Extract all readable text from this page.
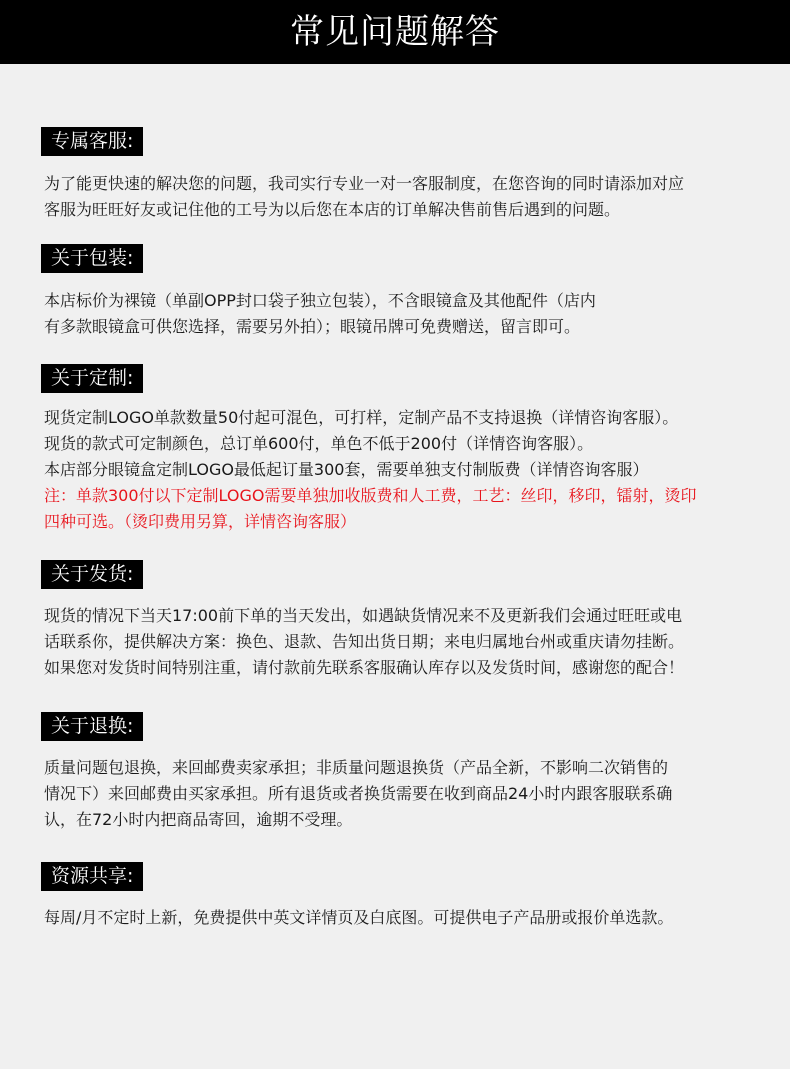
常见问题解答
专属客服:

为了能更快速的解决您的问题，我司实行专业一对一客服制度，在您咨询的同时请添加对应
客服为旺旺好友或记住他的工号为以后您在本店的订单解决售前售后遇到的问题。

关于包装:

本店标价为裸镜（单副OPP封口袋子独立包装），不含眼镜盒及其他配件（店内
有多款眼镜盒可供您选择，需要另外拍）；眼镜吊牌可免费赠送，留言即可。

关于定制:

现货定制LOGO单款数量50付起可混色，可打样，定制产品不支持退换（详情咨询客服）。
现货的款式可定制颜色，总订单600付，单色不低于200付（详情咨询客服）。
本店部分眼镜盒定制LOGO最低起订量300套，需要单独支付制版费（详情咨询客服）
注：单款300付以下定制LOGO需要单独加收版费和人工费，工艺：丝印，移印，镭射，烫印
四种可选。（烫印费用另算，详情咨询客服）

关于发货:

现货的情况下当天17:00前下单的当天发出，如遇缺货情况来不及更新我们会通过旺旺或电
话联系你，提供解决方案：换色、退款、告知出货日期；来电归属地台州或重庆请勿挂断。
如果您对发货时间特别注重，请付款前先联系客服确认库存以及发货时间，感谢您的配合！

关于退换:

质量问题包退换，来回邮费卖家承担；非质量问题退换货（产品全新，不影响二次销售的
情况下）来回邮费由买家承担。所有退货或者换货需要在收到商品24小时内跟客服联系确
认，在72小时内把商品寄回，逾期不受理。

资源共享:

每周/月不定时上新，免费提供中英文详情页及白底图。可提供电子产品册或报价单选款。
